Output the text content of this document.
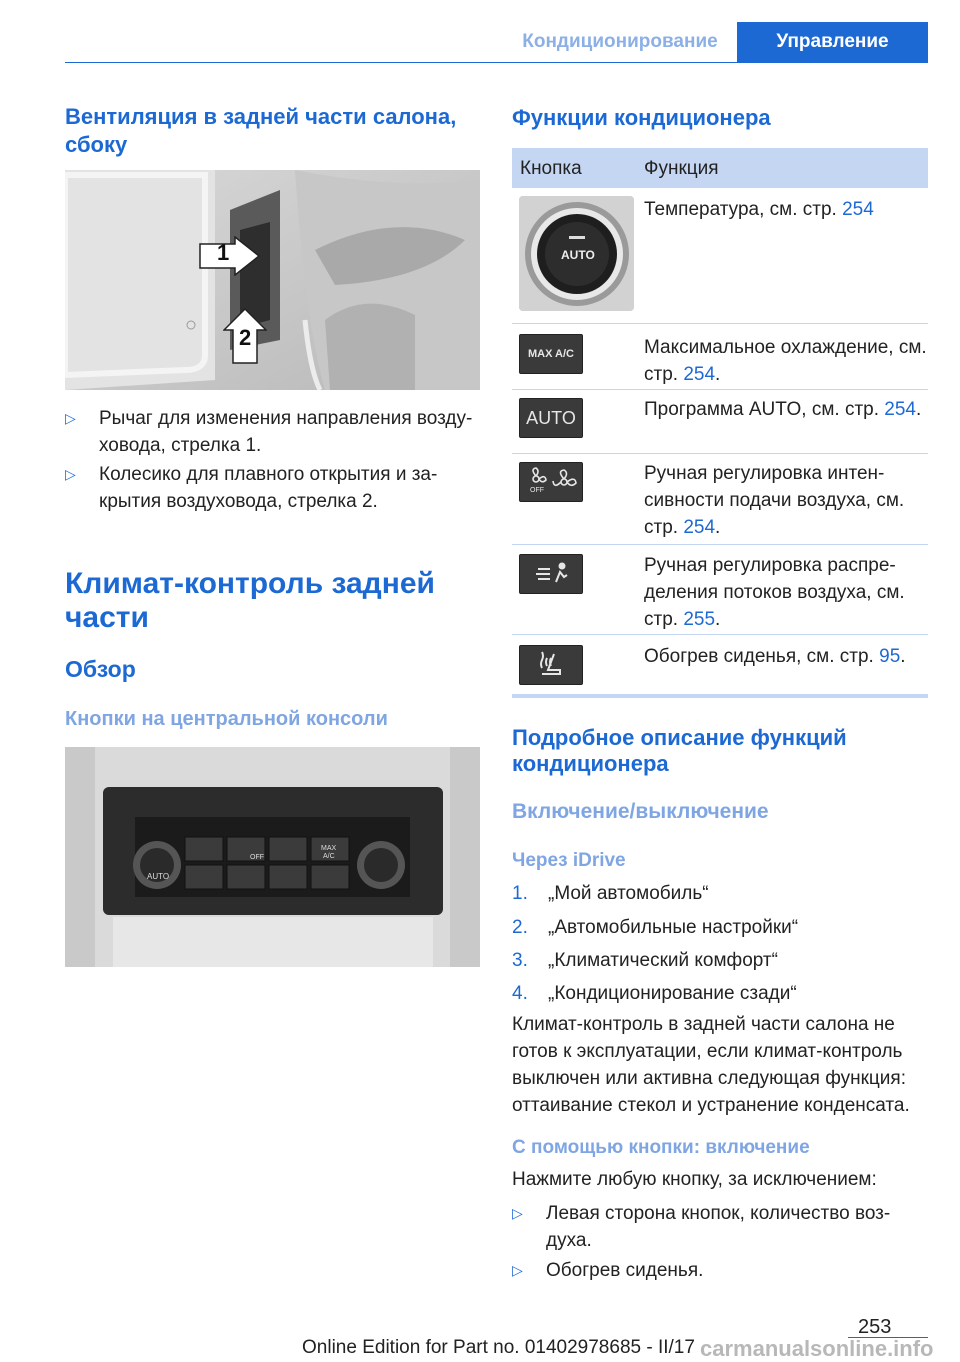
Кондиционирование	Управление
Вентиляция в задней части салона, сбоку
1
2
▷ Рычаг для изменения направления возду-
ховода, стрелка 1.
▷ Колесико для плавного открытия и за-
крытия воздуховода, стрелка 2.
Климат-контроль задней
части
Обзор
Кнопки на центральной консоли
AUTO
OFF
MAX
A/C
Функции кондиционера
Кнопка	Функция
AUTO
Температура, см. стр. 254
MAX A/C	Максимальное охлаждение, см. стр. 254.
AUTO	Программа AUTO, см. стр. 254.
OFF
Ручная регулировка интен-сивности подачи воздуха, см. стр. 254.
Ручная регулировка распре-деления потоков воздуха, см. стр. 255.
Обогрев сиденья, см. стр. 95.
Подробное описание функций
кондиционера
Включение/выключение
Через iDrive
1. „Мой автомобиль“
2. „Автомобильные настройки“
3. „Климатический комфорт“
4. „Кондиционирование сзади“
Климат-контроль в задней части салона не
готов к эксплуатации, если климат-контроль
выключен или активна следующая функция:
оттаивание стекол и устранение конденсата.
С помощью кнопки: включение
Нажмите любую кнопку, за исключением:
▷ Левая сторона кнопок, количество воз-
духа.
▷ Обогрев сиденья.
253
Online Edition for Part no. 01402978685 - II/17 carmanualsonline.info
